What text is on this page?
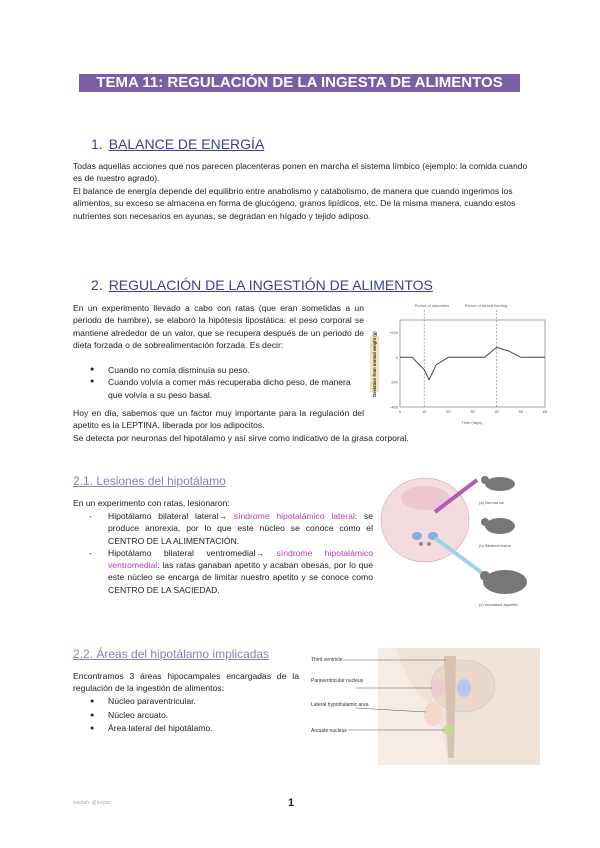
TEMA 11: REGULACIÓN DE LA INGESTA DE ALIMENTOS
1. BALANCE DE ENERGÍA
Todas aquellas acciones que nos parecen placenteras ponen en marcha el sistema límbico (ejemplo: la comida cuando es de nuestro agrado).
El balance de energía depende del equilibrio entre anabolismo y catabolismo, de manera que cuando ingerimos los alimentos, su exceso se almacena en forma de glucógeno, granos lipídicos, etc. De la misma manera, cuando estos nutrientes son necesarios en ayunas, se degradan en hígado y tejido adiposo.
2. REGULACIÓN DE LA INGESTIÓN DE ALIMENTOS
En un experimento llevado a cabo con ratas (que eran sometidas a un periodo de hambre), se elaboró la hipótesis lipostática: el peso corporal se mantiene alrededor de un valor, que se recupera después de un periodo de dieta forzada o de sobrealimentación forzada. Es decir:
● Cuando no comía disminuía su peso.
● Cuando volvía a comer más recuperaba dicho peso, de manera que volvía a su peso basal.
Hoy en día, sabemos que un factor muy importante para la regulación del apetito es la LEPTINA, liberada por los adipocitos.
Se detecta por neuronas del hipotálamo y así sirve como indicativo de la grasa corporal.
Period of starvation	Period of forced feeding
Deviation from normal weight (g)	+200
0
-200
-400
0	10	20	30	40	50	60
Time (days)
2.1. Lesiones del hipotálamo
En un experimento con ratas, lesionaron:
- Hipotálamo bilateral lateral→ síndrome hipotalámico lateral: se produce anorexia, por lo que este núcleo se conoce como el CENTRO DE LA ALIMENTACIÓN.
- Hipotálamo bilateral ventromedial→ síndrome hipotalámico ventromedial: las ratas ganaban apetito y acaban obesas, por lo que este núcleo se encarga de limitar nuestro apetito y se conoce como CENTRO DE LA SACIEDAD.
(a) Normal rat
(b) Bilateral lesion
(c) Increased appetite
2.2. Áreas del hipotálamo implicadas
Encontramos 3 áreas hipocampales encargadas de la regulación de la ingestión de alimentos:
● Núcleo paraventricular.
● Núcleo arcuato.
● Área lateral del hipotálamo.
Third ventricle
Paraventricular nucleus
Lateral hypothalamic area
Arcuate nucleus
wuolah: @lucpac	1
